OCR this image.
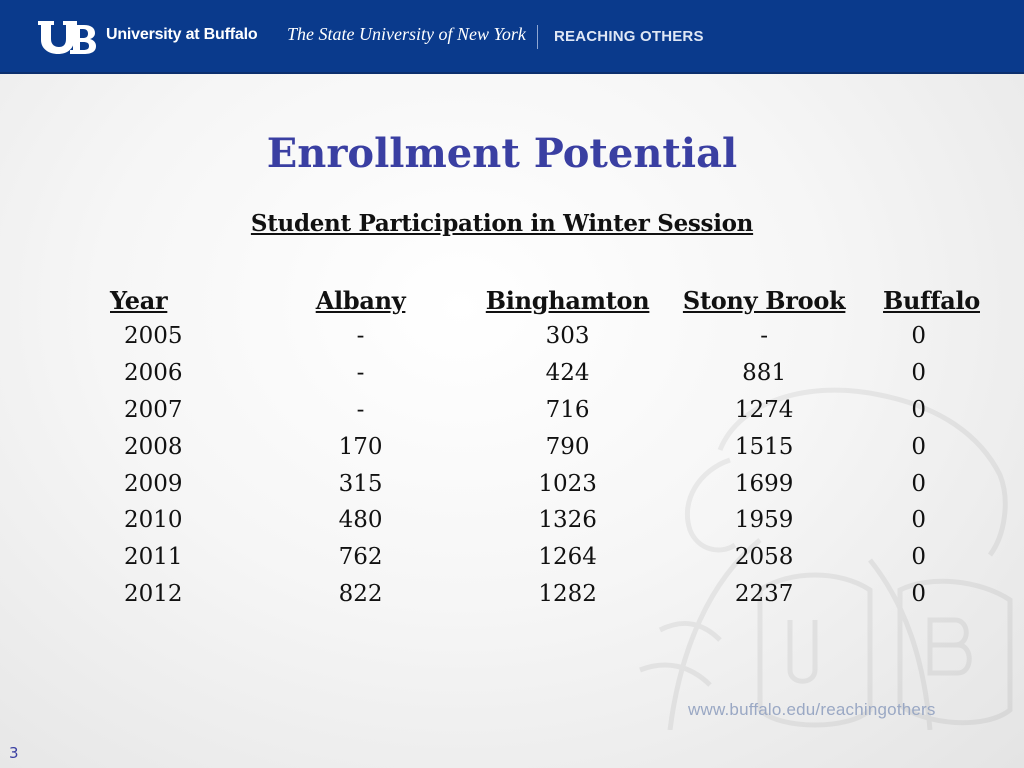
University at Buffalo The State University of New York REACHING OTHERS
Enrollment Potential
Student Participation in Winter Session
Year	Albany	Binghamton	Stony Brook	Buffalo
2005	-	303	-	0
2006	-	424	881	0
2007	-	716	1274	0
2008	170	790	1515	0
2009	315	1023	1699	0
2010	480	1326	1959	0
2011	762	1264	2058	0
2012	822	1282	2237	0
www.buffalo.edu/reachingothers
3
